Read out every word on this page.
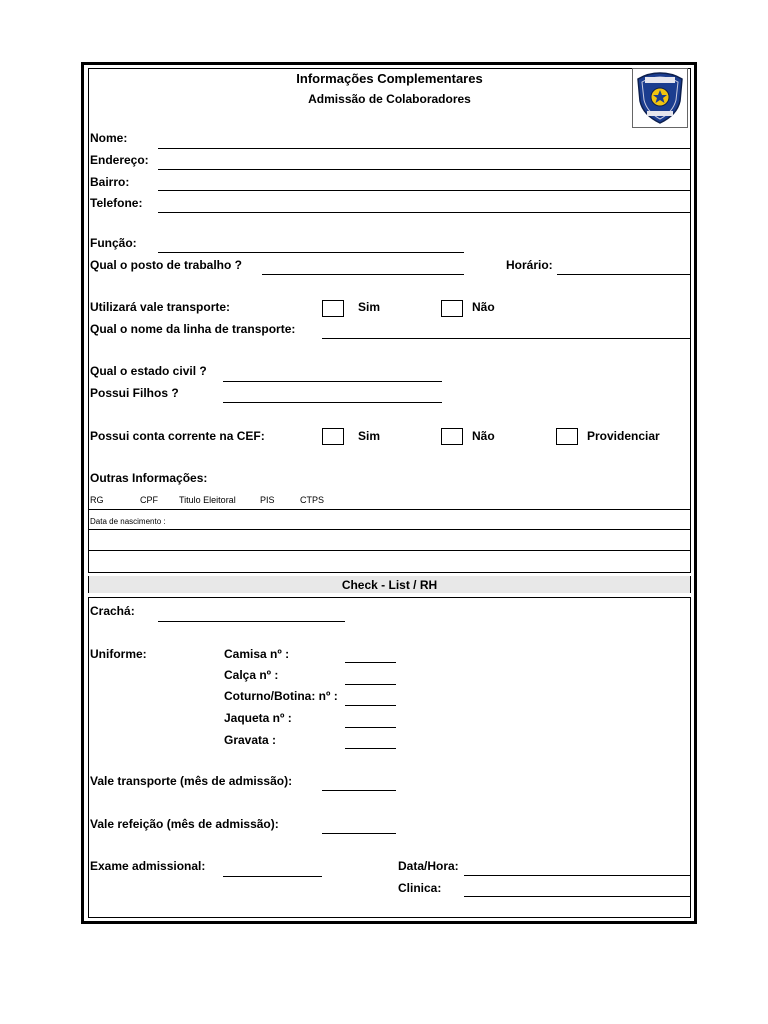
Informações Complementares
Admissão de Colaboradores
Nome:
Endereço:
Bairro:
Telefone:
Função:
Qual o posto de trabalho ?	Horário:
Utilizará vale transporte:	Sim	Não
Qual o nome da linha de transporte:
Qual o estado civil ?
Possui Filhos ?
Possui conta corrente na CEF:	Sim	Não	Providenciar
Outras Informações:
RG	CPF Titulo Eleitoral	PIS	CTPS
Data de nascimento :
Check - List / RH
Crachá:
Uniforme:	Camisa nº :
Calça nº :
Coturno/Botina: nº :
Jaqueta nº :
Gravata :
Vale transporte (mês de admissão):
Vale refeição (mês de admissão):
Exame admissional:	Data/Hora:
Clinica:
